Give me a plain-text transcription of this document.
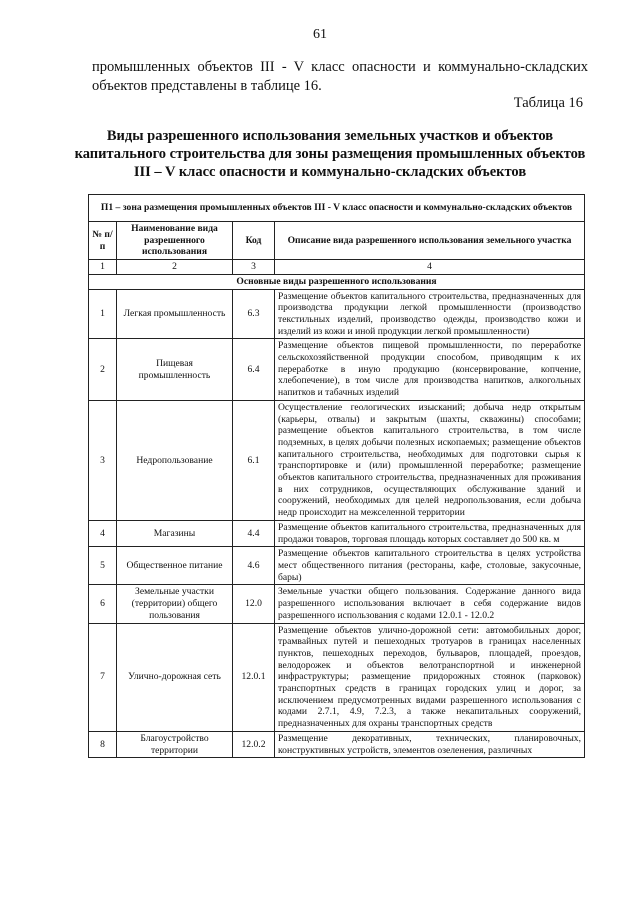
61
промышленных объектов III - V класс опасности и коммунально-складских объектов представлены в таблице 16.
Таблица 16
Виды разрешенного использования земельных участков и объектов капитального строительства для зоны размещения промышленных объектов III – V класс опасности и коммунально-складских объектов
П1 – зона размещения промышленных объектов III - V класс опасности и коммунально-складских объектов			
№ п/п	Наименование вида разрешенного использования	Код	Описание вида разрешенного использования земельного участка
1	2	3	4
Основные виды разрешенного использования			
1	Легкая промышленность	6.3	Размещение объектов капитального строительства, предназначенных для производства продукции легкой промышленности (производство текстильных изделий, производство одежды, производство кожи и изделий из кожи и иной продукции легкой промышленности)
2	Пищевая промышленность	6.4	Размещение объектов пищевой промышленности, по переработке сельскохозяйственной продукции способом, приводящим к их переработке в иную продукцию (консервирование, копчение, хлебопечение), в том числе для производства напитков, алкогольных напитков и табачных изделий
3	Недропользование	6.1	Осуществление геологических изысканий; добыча недр открытым (карьеры, отвалы) и закрытым (шахты, скважины) способами; размещение объектов капитального строительства, в том числе подземных, в целях добычи полезных ископаемых; размещение объектов капитального строительства, необходимых для подготовки сырья к транспортировке и (или) промышленной переработке; размещение объектов капитального строительства, предназначенных для проживания в них сотрудников, осуществляющих обслуживание зданий и сооружений, необходимых для целей недропользования, если добыча недр происходит на межселенной территории
4	Магазины	4.4	Размещение объектов капитального строительства, предназначенных для продажи товаров, торговая площадь которых составляет до 500 кв. м
5	Общественное питание	4.6	Размещение объектов капитального строительства в целях устройства мест общественного питания (рестораны, кафе, столовые, закусочные, бары)
6	Земельные участки (территории) общего пользования	12.0	Земельные участки общего пользования. Содержание данного вида разрешенного использования включает в себя содержание видов разрешенного использования с кодами 12.0.1 - 12.0.2
7	Улично-дорожная сеть	12.0.1	Размещение объектов улично-дорожной сети: автомобильных дорог, трамвайных путей и пешеходных тротуаров в границах населенных пунктов, пешеходных переходов, бульваров, площадей, проездов, велодорожек и объектов велотранспортной и инженерной инфраструктуры; размещение придорожных стоянок (парковок) транспортных средств в границах городских улиц и дорог, за исключением предусмотренных видами разрешенного использования с кодами 2.7.1, 4.9, 7.2.3, а также некапитальных сооружений, предназначенных для охраны транспортных средств
8	Благоустройство территории	12.0.2	Размещение декоративных, технических, планировочных, конструктивных устройств, элементов озеленения, различных
